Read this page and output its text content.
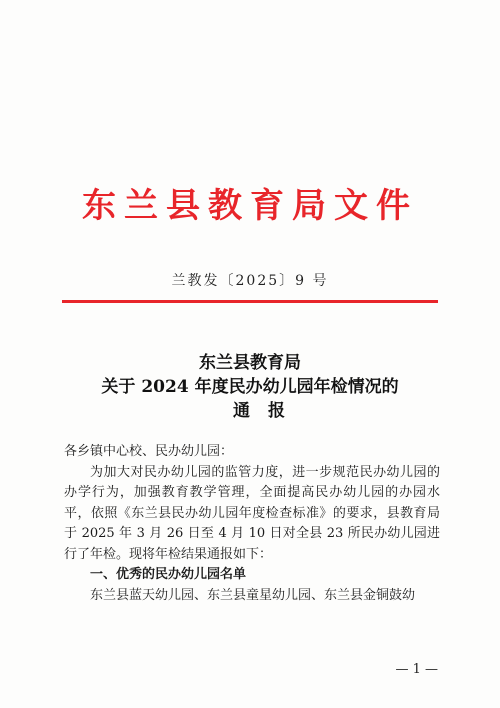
东兰县教育局文件
兰教发〔2025〕9 号
东兰县教育局
关于 2024 年度民办幼儿园年检情况的
通报

各乡镇中心校、民办幼儿园：

为加大对民办幼儿园的监管力度，进一步规范民办幼儿园的办学行为，加强教育教学管理，全面提高民办幼儿园的办园水平，依照《东兰县民办幼儿园年度检查标准》的要求，县教育局于 2025 年 3 月 26 日至 4 月 10 日对全县 23 所民办幼儿园进行了年检。现将年检结果通报如下：

一、优秀的民办幼儿园名单

东兰县蓝天幼儿园、东兰县童星幼儿园、东兰县金铜鼓幼

— 1 —
